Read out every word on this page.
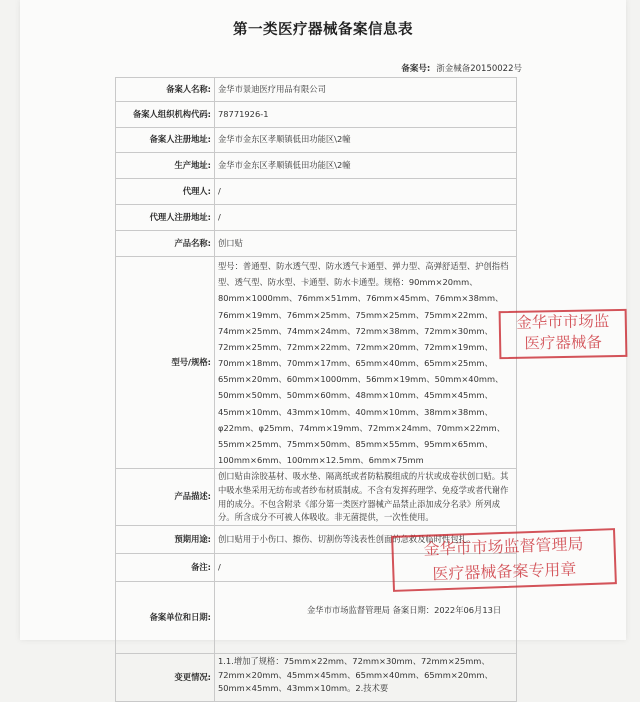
第一类医疗器械备案信息表
备案号: 浙金械备20150022号
备案人名称:	金华市景迪医疗用品有限公司
备案人组织机构代码:	78771926-1
备案人注册地址:	金华市金东区孝顺镇低田功能区\2幢
生产地址:	金华市金东区孝顺镇低田功能区\2幢
代理人:	/
代理人注册地址:	/
产品名称:	创口贴
型号/规格:	型号：普通型、防水透气型、防水透气卡通型、弹力型、高弹舒适型、护创指档型、透气型、防水型、卡通型、防水卡通型。规格：90mm×20mm、80mm×1000mm、76mm×51mm、76mm×45mm、76mm×38mm、76mm×19mm、76mm×25mm、75mm×25mm、75mm×22mm、74mm×25mm、74mm×24mm、72mm×38mm、72mm×30mm、72mm×25mm、72mm×22mm、72mm×20mm、72mm×19mm、70mm×18mm、70mm×17mm、65mm×40mm、65mm×25mm、65mm×20mm、60mm×1000mm、56mm×19mm、50mm×40mm、50mm×50mm、50mm×60mm、48mm×10mm、45mm×45mm、45mm×10mm、43mm×10mm、40mm×10mm、38mm×38mm、φ22mm、φ25mm、74mm×19mm、72mm×24mm、70mm×22mm、55mm×25mm、75mm×50mm、85mm×55mm、95mm×65mm、100mm×6mm、100mm×12.5mm、6mm×75mm
产品描述:	创口贴由涂胶基材、吸水垫、隔离纸或者防粘膜组成的片状或成卷状创口贴。其中吸水垫采用无纺布或者纱布材质制成。不含有发挥药理学、免疫学或者代谢作用的成分。不包含附录《部分第一类医疗器械产品禁止添加成分名录》所列成分。所含成分不可被人体吸收。非无菌提供，一次性使用。
预期用途:	创口贴用于小伤口、擦伤、切割伤等浅表性创面的急救及临时性包扎。
备注:	/
备案单位和日期:	金华市市场监督管理局 备案日期：2022年06月13日
变更情况:	1.1.增加了规格：75mm×22mm、72mm×30mm、72mm×25mm、72mm×20mm、45mm×45mm、65mm×40mm、65mm×20mm、50mm×45mm、43mm×10mm。2.技术要
金华市市场监
医疗器械备
金华市市场监督管理局
医疗器械备案专用章
